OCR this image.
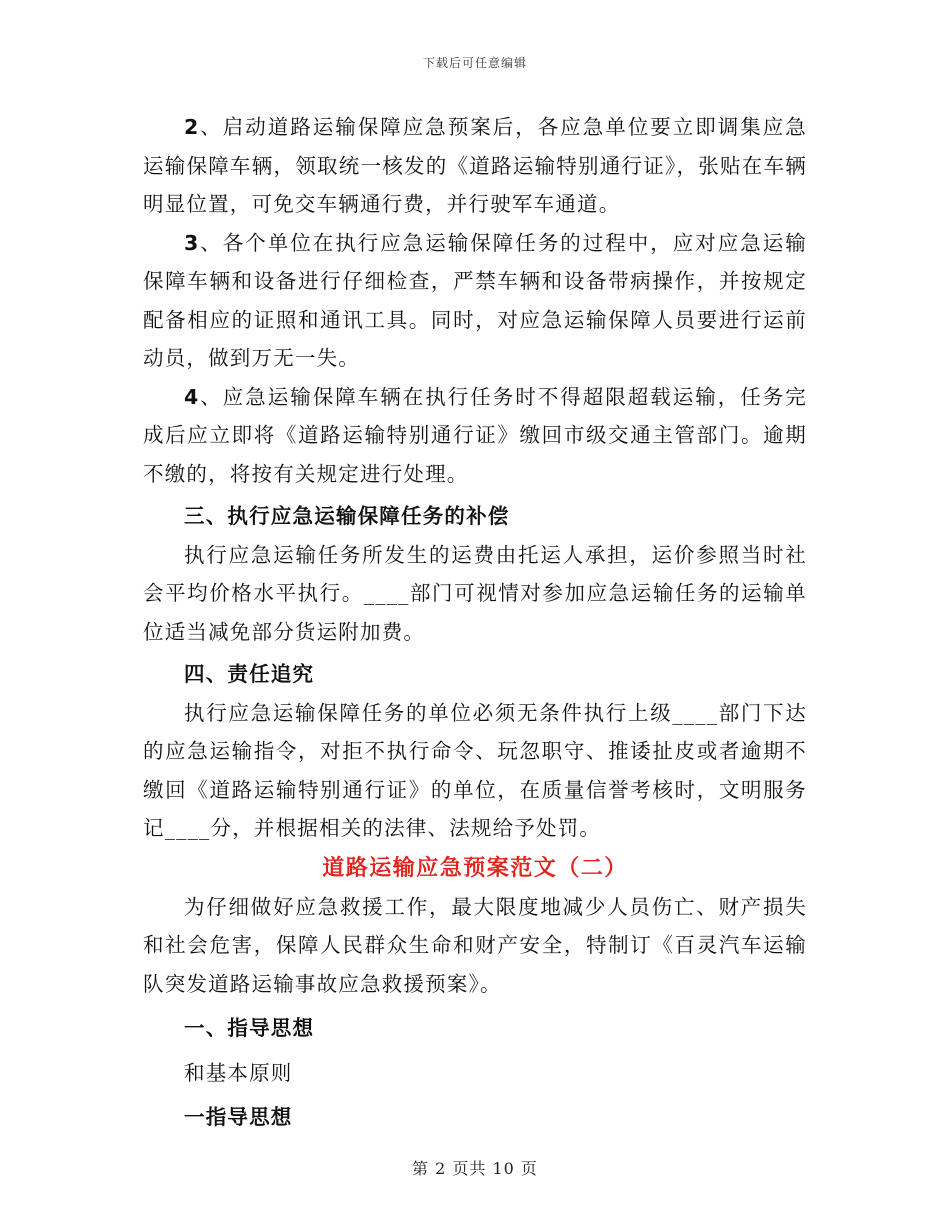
下载后可任意编辑

2、启动道路运输保障应急预案后，各应急单位要立即调集应急运输保障车辆，领取统一核发的《道路运输特别通行证》，张贴在车辆明显位置，可免交车辆通行费，并行驶军车通道。

3、各个单位在执行应急运输保障任务的过程中，应对应急运输保障车辆和设备进行仔细检查，严禁车辆和设备带病操作，并按规定配备相应的证照和通讯工具。同时，对应急运输保障人员要进行运前动员，做到万无一失。

4、应急运输保障车辆在执行任务时不得超限超载运输，任务完成后应立即将《道路运输特别通行证》缴回市级交通主管部门。逾期不缴的，将按有关规定进行处理。

三、执行应急运输保障任务的补偿

执行应急运输任务所发生的运费由托运人承担，运价参照当时社会平均价格水平执行。____部门可视情对参加应急运输任务的运输单位适当减免部分货运附加费。

四、责任追究

执行应急运输保障任务的单位必须无条件执行上级____部门下达的应急运输指令，对拒不执行命令、玩忽职守、推诿扯皮或者逾期不缴回《道路运输特别通行证》的单位，在质量信誉考核时，文明服务记____分，并根据相关的法律、法规给予处罚。

道路运输应急预案范文（二）

为仔细做好应急救援工作，最大限度地减少人员伤亡、财产损失和社会危害，保障人民群众生命和财产安全，特制订《百灵汽车运输队突发道路运输事故应急救援预案》。

一、指导思想

和基本原则

一指导思想

第 2 页共 10 页
